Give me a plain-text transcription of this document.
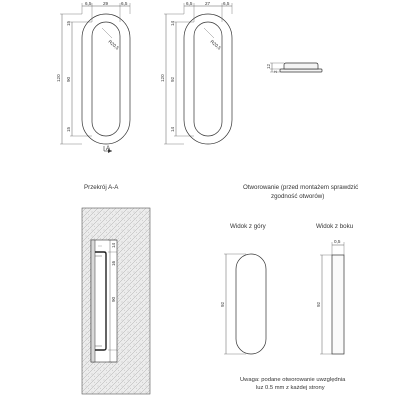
6,5	29	6,5
120 90
15
15
R20,5
A
6,5	27	6,5
120 92
14
14
R20,5
12
2
Przekrój A-A
14
16
90
Otworowanie (przed montażem sprawdzić
zgodność otworów)
Widok z góry	Widok z boku
92
0,5
92
Uwaga: podane otworowanie uwzględnia
luz 0.5 mm z każdej strony
